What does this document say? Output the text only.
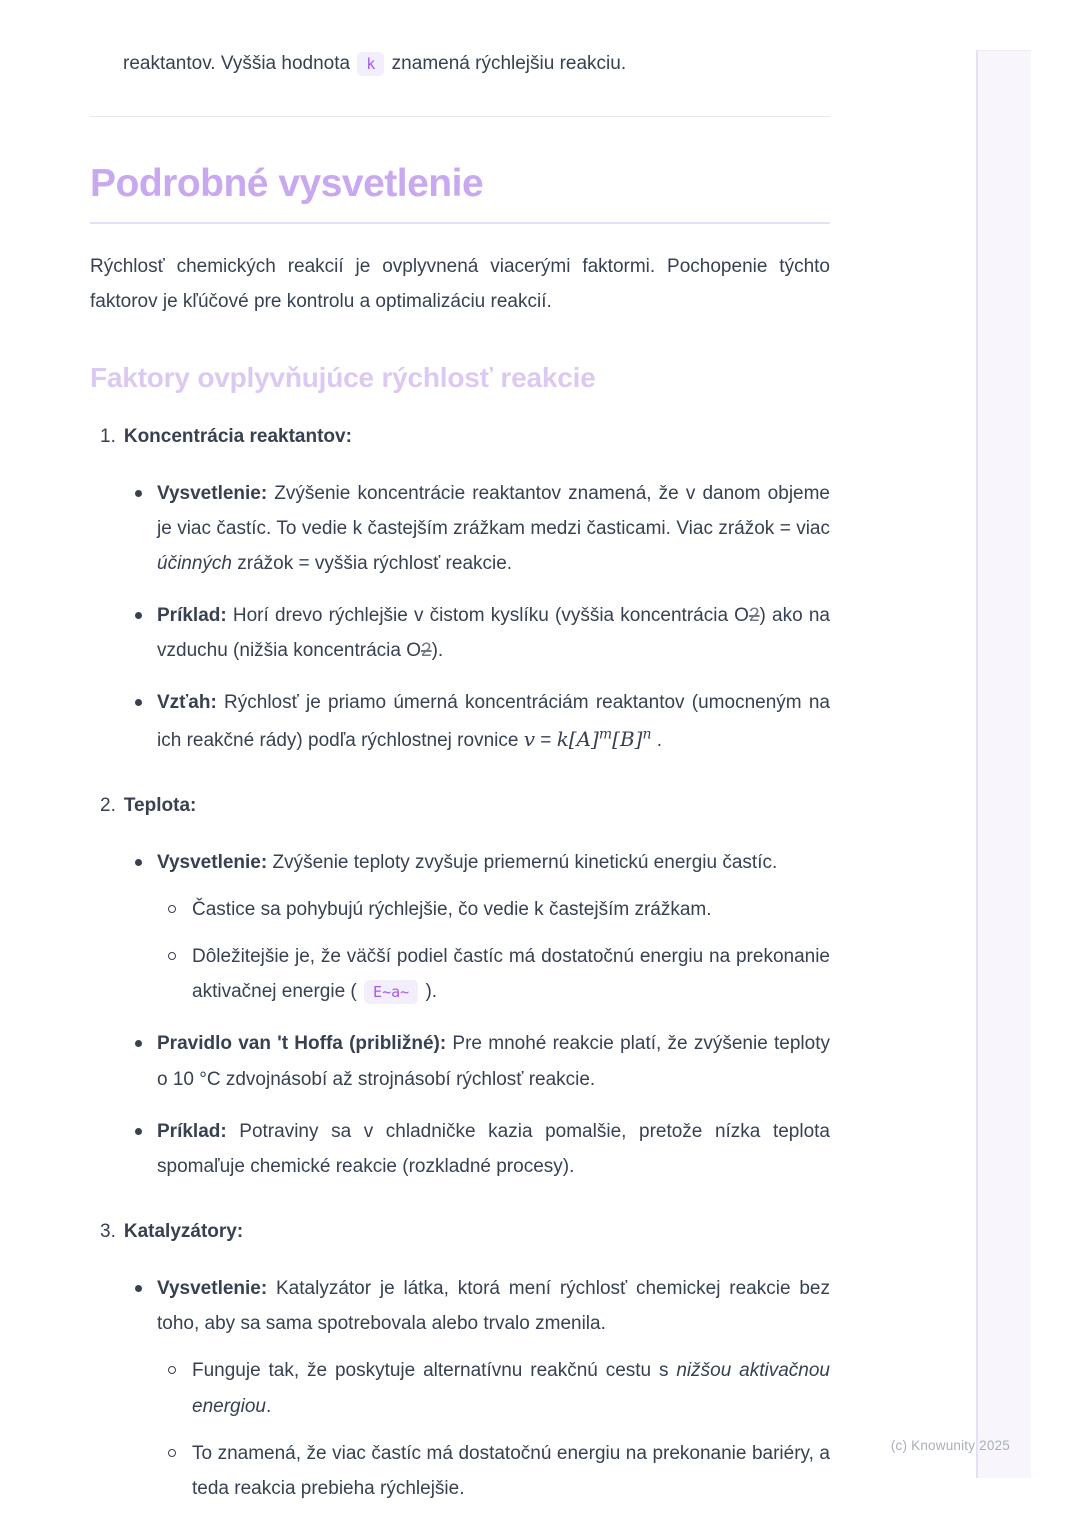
(c) Knowunity 2025

reaktantov. Vyššia hodnota k znamená rýchlejšiu reakciu.

Podrobné vysvetlenie

Rýchlosť chemických reakcií je ovplyvnená viacerými faktormi. Pochopenie týchto faktorov je kľúčové pre kontrolu a optimalizáciu reakcií.

Faktory ovplyvňujúce rýchlosť reakcie
1. Koncentrácia reaktantov:
Vysvetlenie: Zvýšenie koncentrácie reaktantov znamená, že v danom objeme je viac častíc. To vedie k častejším zrážkam medzi časticami. Viac zrážok = viac účinných zrážok = vyššia rýchlosť reakcie.
Príklad: Horí drevo rýchlejšie v čistom kyslíku (vyššia koncentrácia O2) ako na vzduchu (nižšia koncentrácia O2).
Vzťah: Rýchlosť je priamo úmerná koncentráciám reaktantov (umocneným na ich reakčné rády) podľa rýchlostnej rovnice $v = k[A]^m[B]^n$ .
2. Teplota:
Vysvetlenie: Zvýšenie teploty zvyšuje priemernú kinetickú energiu častíc.
Častice sa pohybujú rýchlejšie, čo vedie k častejším zrážkam.
Dôležitejšie je, že väčší podiel častíc má dostatočnú energiu na prekonanie aktivačnej energie ( E~a~ ).
Pravidlo van 't Hoffa (približné): Pre mnohé reakcie platí, že zvýšenie teploty o 10 °C zdvojnásobí až strojnásobí rýchlosť reakcie.
Príklad: Potraviny sa v chladničke kazia pomalšie, pretože nízka teplota spomaľuje chemické reakcie (rozkladné procesy).
3. Katalyzátory:
Vysvetlenie: Katalyzátor je látka, ktorá mení rýchlosť chemickej reakcie bez toho, aby sa sama spotrebovala alebo trvalo zmenila.
Funguje tak, že poskytuje alternatívnu reakčnú cestu s nižšou aktivačnou energiou.
To znamená, že viac častíc má dostatočnú energiu na prekonanie bariéry, a teda reakcia prebieha rýchlejšie.
